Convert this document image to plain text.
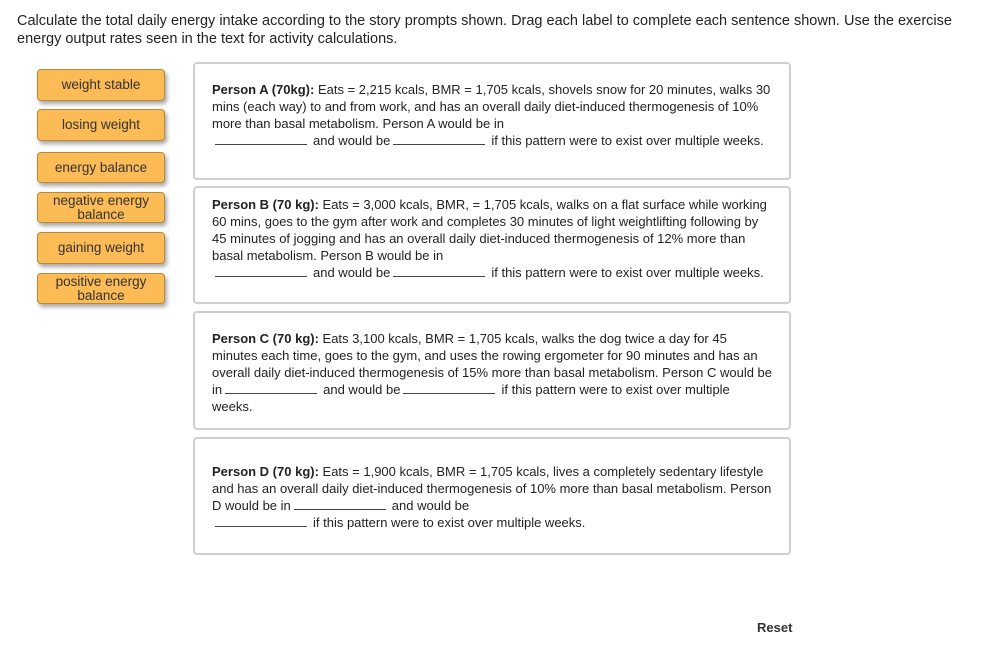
Calculate the total daily energy intake according to the story prompts shown. Drag each label to complete each sentence shown. Use the exercise energy output rates seen in the text for activity calculations.
weight stable
losing weight
energy balance
negative energy balance
gaining weight
positive energy balance
Person A (70kg): Eats = 2,215 kcals, BMR = 1,705 kcals, shovels snow for 20 minutes, walks 30 mins (each way) to and from work, and has an overall daily diet-induced thermogenesis of 10% more than basal metabolism. Person A would be in
and would be	if this pattern were to exist over multiple weeks.
Person B (70 kg): Eats = 3,000 kcals, BMR, = 1,705 kcals, walks on a flat surface while working 60 mins, goes to the gym after work and completes 30 minutes of light weightlifting following by 45 minutes of jogging and has an overall daily diet-induced thermogenesis of 12% more than basal metabolism. Person B would be in
and would be	if this pattern were to exist over multiple weeks.
Person C (70 kg): Eats 3,100 kcals, BMR = 1,705 kcals, walks the dog twice a day for 45 minutes each time, goes to the gym, and uses the rowing ergometer for 90 minutes and has an overall daily diet-induced thermogenesis of 15% more than basal metabolism. Person C would be in	and would be	if this pattern were to exist over multiple weeks.
Person D (70 kg): Eats = 1,900 kcals, BMR = 1,705 kcals, lives a completely sedentary lifestyle and has an overall daily diet-induced thermogenesis of 10% more than basal metabolism. Person D would be in	and would be
if this pattern were to exist over multiple weeks.
Reset
